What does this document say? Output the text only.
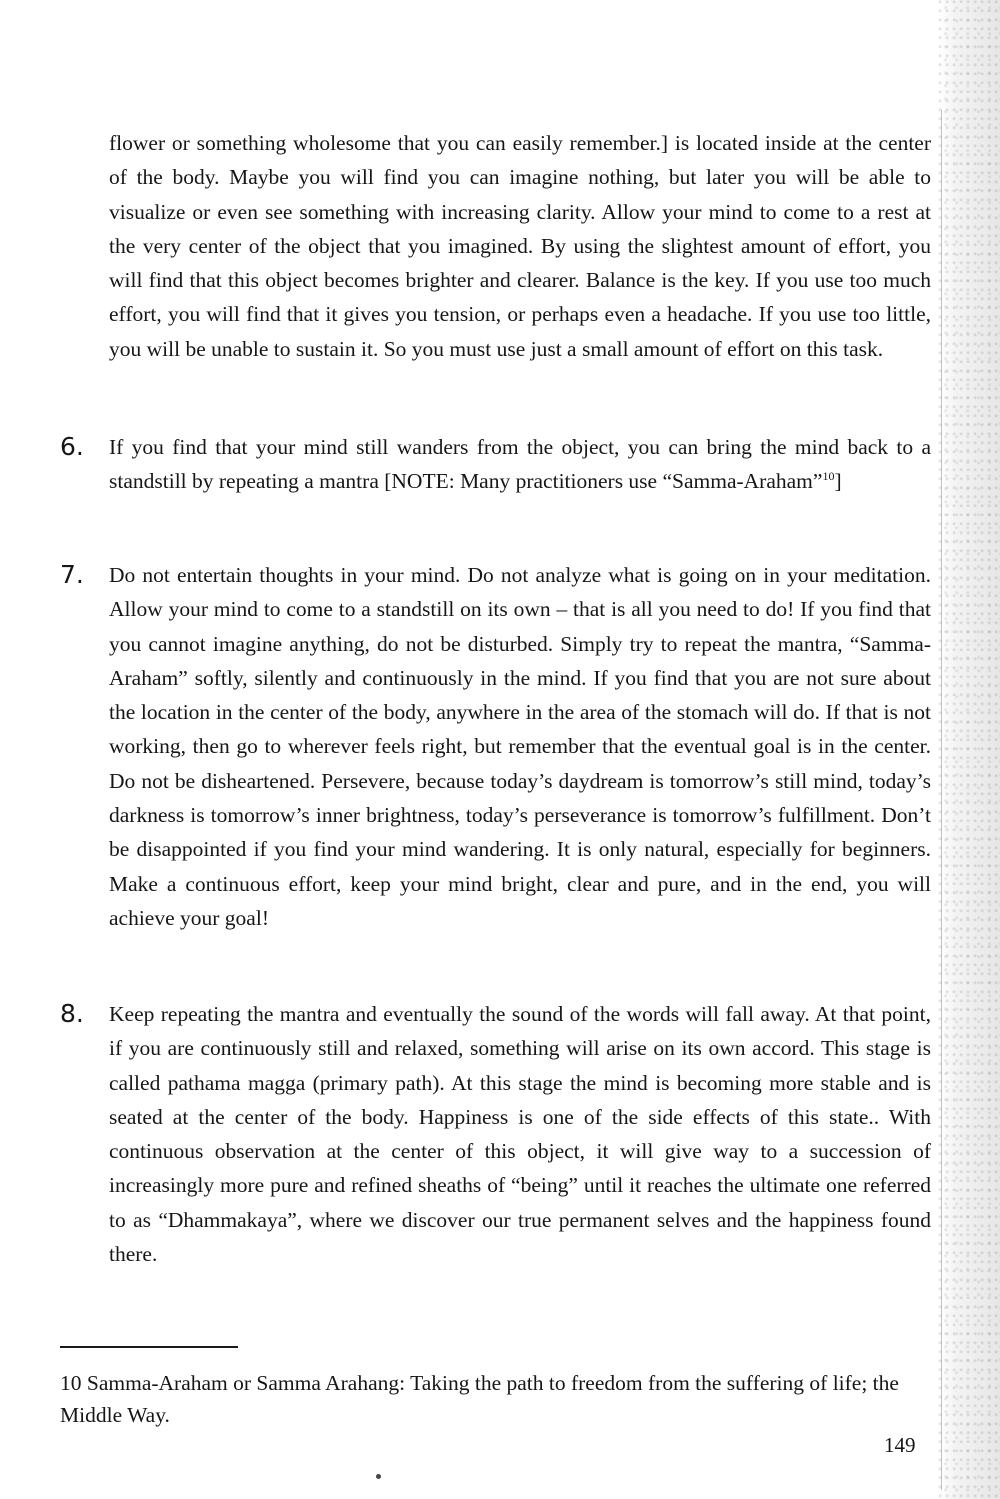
flower or something wholesome that you can easily remember.] is located inside at the center of the body. Maybe you will find you can imagine nothing, but later you will be able to visualize or even see something with increasing clarity. Allow your mind to come to a rest at the very center of the object that you imagined. By using the slightest amount of effort, you will find that this object becomes brighter and clearer. Balance is the key. If you use too much effort, you will find that it gives you tension, or perhaps even a headache. If you use too little, you will be unable to sustain it. So you must use just a small amount of effort on this task.

6. If you find that your mind still wanders from the object, you can bring the mind back to a standstill by repeating a mantra [NOTE: Many practitioners use “Samma-Araham”$^{10}$]

7. Do not entertain thoughts in your mind. Do not analyze what is going on in your meditation. Allow your mind to come to a standstill on its own – that is all you need to do! If you find that you cannot imagine anything, do not be disturbed. Simply try to repeat the mantra, “Samma-Araham” softly, silently and continuously in the mind. If you find that you are not sure about the location in the center of the body, anywhere in the area of the stomach will do. If that is not working, then go to wherever feels right, but remember that the eventual goal is in the center. Do not be disheartened. Persevere, because today’s daydream is tomorrow’s still mind, today’s darkness is tomorrow’s inner brightness, today’s perseverance is tomorrow’s fulfillment. Don’t be disappointed if you find your mind wandering. It is only natural, especially for beginners. Make a continuous effort, keep your mind bright, clear and pure, and in the end, you will achieve your goal!

8. Keep repeating the mantra and eventually the sound of the words will fall away. At that point, if you are continuously still and relaxed, something will arise on its own accord. This stage is called pathama magga (primary path). At this stage the mind is becoming more stable and is seated at the center of the body. Happiness is one of the side effects of this state.. With continuous observation at the center of this object, it will give way to a succession of increasingly more pure and refined sheaths of “being” until it reaches the ultimate one referred to as “Dhammakaya”, where we discover our true permanent selves and the happiness found there.

10 Samma-Araham or Samma Arahang: Taking the path to freedom from the suffering of life; the Middle Way.

149
